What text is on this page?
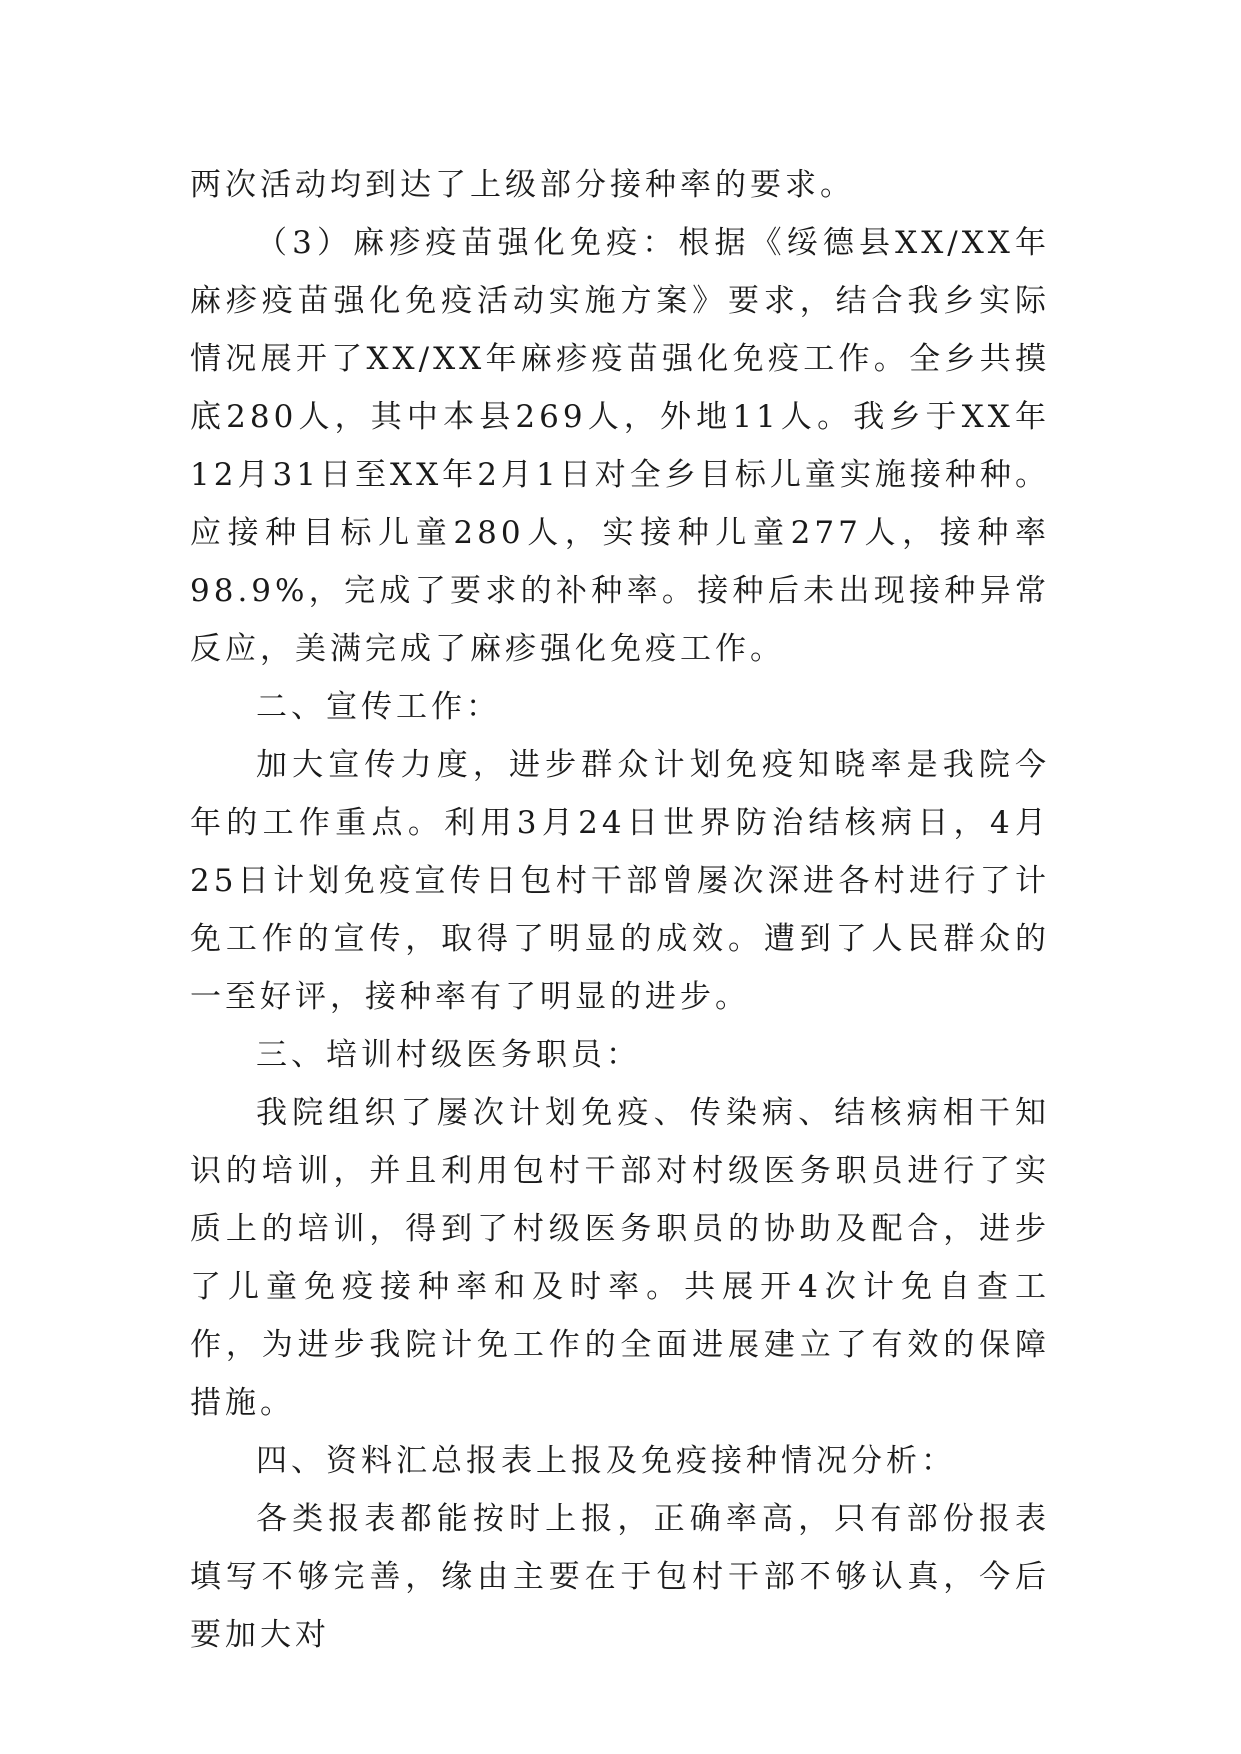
两次活动均到达了上级部分接种率的要求。

（3）麻疹疫苗强化免疫：根据《绥德县XX/XX年麻疹疫苗强化免疫活动实施方案》要求，结合我乡实际情况展开了XX/XX年麻疹疫苗强化免疫工作。全乡共摸底280人，其中本县269人，外地11人。我乡于XX年12月31日至XX年2月1日对全乡目标儿童实施接种种。应接种目标儿童280人，实接种儿童277人，接种率98.9%，完成了要求的补种率。接种后未出现接种异常反应，美满完成了麻疹强化免疫工作。

二、宣传工作：

加大宣传力度，进步群众计划免疫知晓率是我院今年的工作重点。利用3月24日世界防治结核病日，4月25日计划免疫宣传日包村干部曾屡次深进各村进行了计免工作的宣传，取得了明显的成效。遭到了人民群众的一至好评，接种率有了明显的进步。

三、培训村级医务职员：

我院组织了屡次计划免疫、传染病、结核病相干知识的培训，并且利用包村干部对村级医务职员进行了实质上的培训，得到了村级医务职员的协助及配合，进步了儿童免疫接种率和及时率。共展开4次计免自查工作，为进步我院计免工作的全面进展建立了有效的保障措施。

四、资料汇总报表上报及免疫接种情况分析：

各类报表都能按时上报，正确率高，只有部份报表填写不够完善，缘由主要在于包村干部不够认真，今后要加大对
